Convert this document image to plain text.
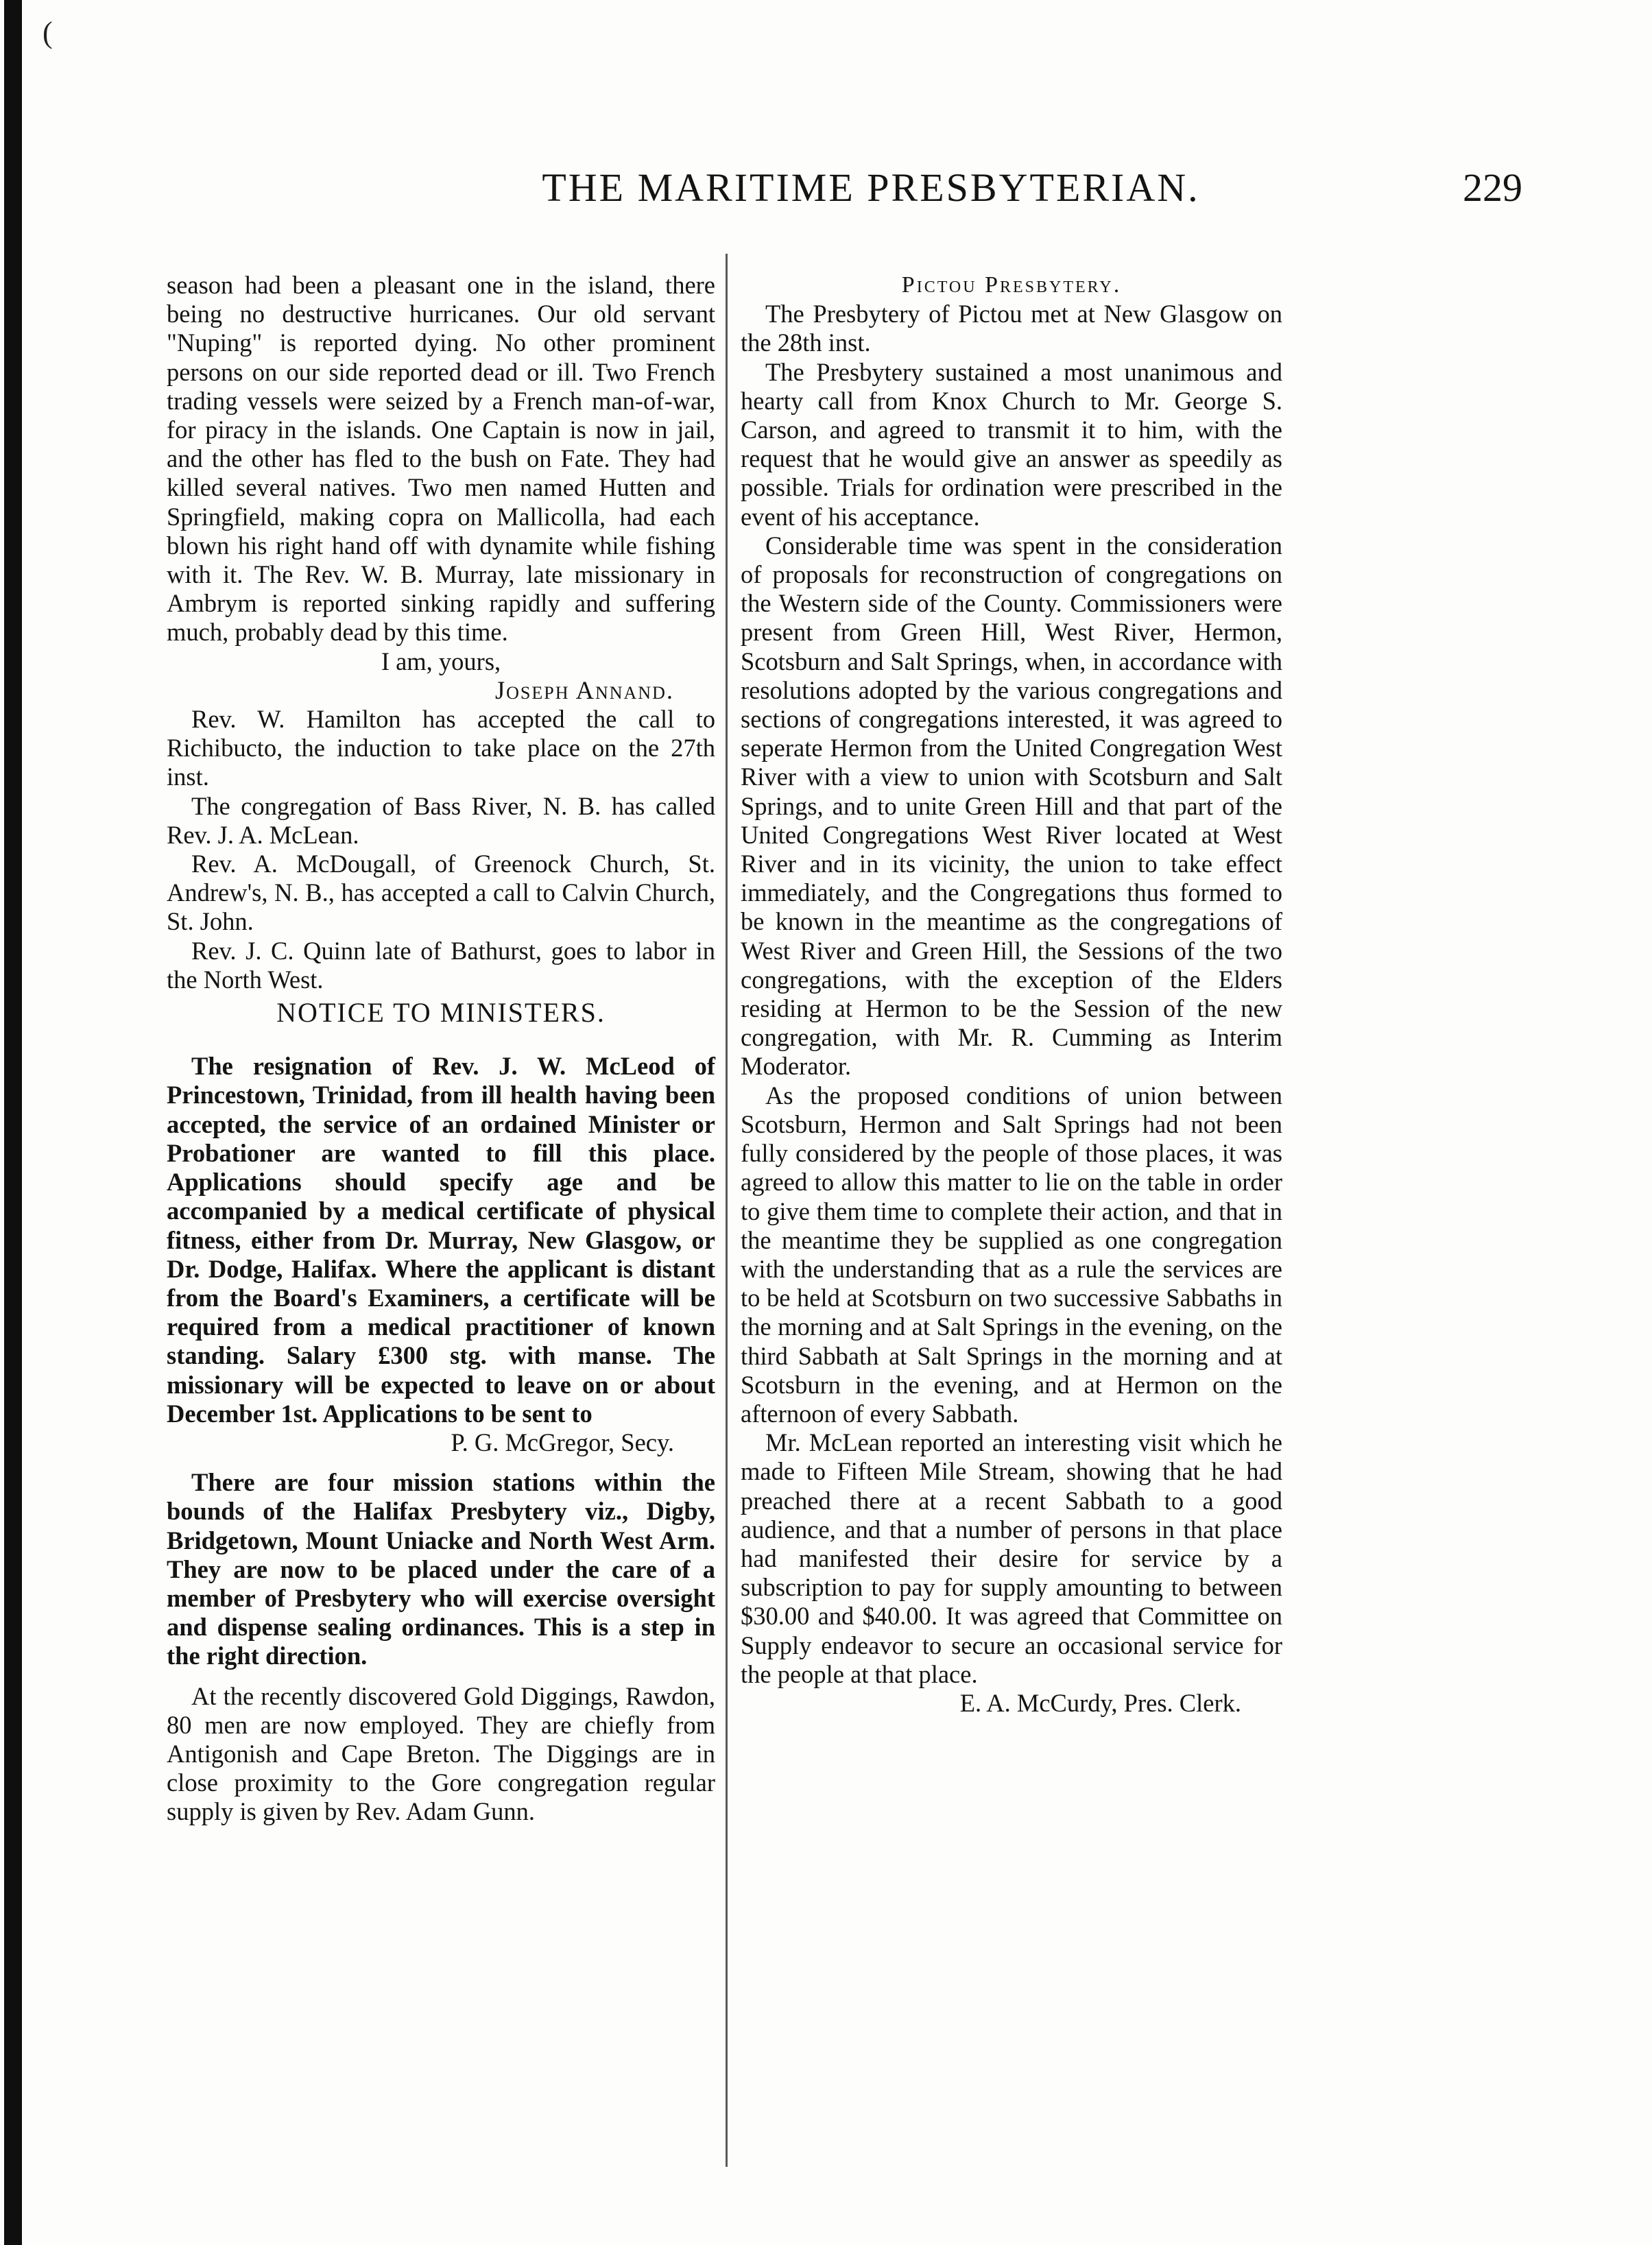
(
THE MARITIME PRESBYTERIAN.	229

season had been a pleasant one in the island, there being no destructive hurricanes. Our old servant "Nuping" is reported dying. No other prominent persons on our side reported dead or ill. Two French trading vessels were seized by a French man-of-war, for piracy in the islands. One Captain is now in jail, and the other has fled to the bush on Fate. They had killed several natives. Two men named Hutten and Springfield, making copra on Mallicolla, had each blown his right hand off with dynamite while fishing with it. The Rev. W. B. Murray, late missionary in Ambrym is reported sinking rapidly and suffering much, probably dead by this time.

I am, yours,

Joseph Annand.

Rev. W. Hamilton has accepted the call to Richibucto, the induction to take place on the 27th inst.

The congregation of Bass River, N. B. has called Rev. J. A. McLean.

Rev. A. McDougall, of Greenock Church, St. Andrew's, N. B., has accepted a call to Calvin Church, St. John.

Rev. J. C. Quinn late of Bathurst, goes to labor in the North West.

NOTICE TO MINISTERS.

The resignation of Rev. J. W. McLeod of Princestown, Trinidad, from ill health having been accepted, the service of an ordained Minister or Probationer are wanted to fill this place. Applications should specify age and be accompanied by a medical certificate of physical fitness, either from Dr. Murray, New Glasgow, or Dr. Dodge, Halifax. Where the applicant is distant from the Board's Examiners, a certificate will be required from a medical practitioner of known standing. Salary £300 stg. with manse. The missionary will be expected to leave on or about December 1st. Applications to be sent to

P. G. McGregor, Secy.

There are four mission stations within the bounds of the Halifax Presbytery viz., Digby, Bridgetown, Mount Uniacke and North West Arm. They are now to be placed under the care of a member of Presbytery who will exercise oversight and dispense sealing ordinances. This is a step in the right direction.

At the recently discovered Gold Diggings, Rawdon, 80 men are now employed. They are chiefly from Antigonish and Cape Breton. The Diggings are in close proximity to the Gore congregation regular supply is given by Rev. Adam Gunn.

Pictou Presbytery.

The Presbytery of Pictou met at New Glasgow on the 28th inst.

The Presbytery sustained a most unanimous and hearty call from Knox Church to Mr. George S. Carson, and agreed to transmit it to him, with the request that he would give an answer as speedily as possible. Trials for ordination were prescribed in the event of his acceptance.

Considerable time was spent in the consideration of proposals for reconstruction of congregations on the Western side of the County. Commissioners were present from Green Hill, West River, Hermon, Scotsburn and Salt Springs, when, in accordance with resolutions adopted by the various congregations and sections of congregations interested, it was agreed to seperate Hermon from the United Congregation West River with a view to union with Scotsburn and Salt Springs, and to unite Green Hill and that part of the United Congregations West River located at West River and in its vicinity, the union to take effect immediately, and the Congregations thus formed to be known in the meantime as the congregations of West River and Green Hill, the Sessions of the two congregations, with the exception of the Elders residing at Hermon to be the Session of the new congregation, with Mr. R. Cumming as Interim Moderator.

As the proposed conditions of union between Scotsburn, Hermon and Salt Springs had not been fully considered by the people of those places, it was agreed to allow this matter to lie on the table in order to give them time to complete their action, and that in the meantime they be supplied as one congregation with the understanding that as a rule the services are to be held at Scotsburn on two successive Sabbaths in the morning and at Salt Springs in the evening, on the third Sabbath at Salt Springs in the morning and at Scotsburn in the evening, and at Hermon on the afternoon of every Sabbath.

Mr. McLean reported an interesting visit which he made to Fifteen Mile Stream, showing that he had preached there at a recent Sabbath to a good audience, and that a number of persons in that place had manifested their desire for service by a subscription to pay for supply amounting to between $30.00 and $40.00. It was agreed that Committee on Supply endeavor to secure an occasional service for the people at that place.

E. A. McCurdy, Pres. Clerk.
